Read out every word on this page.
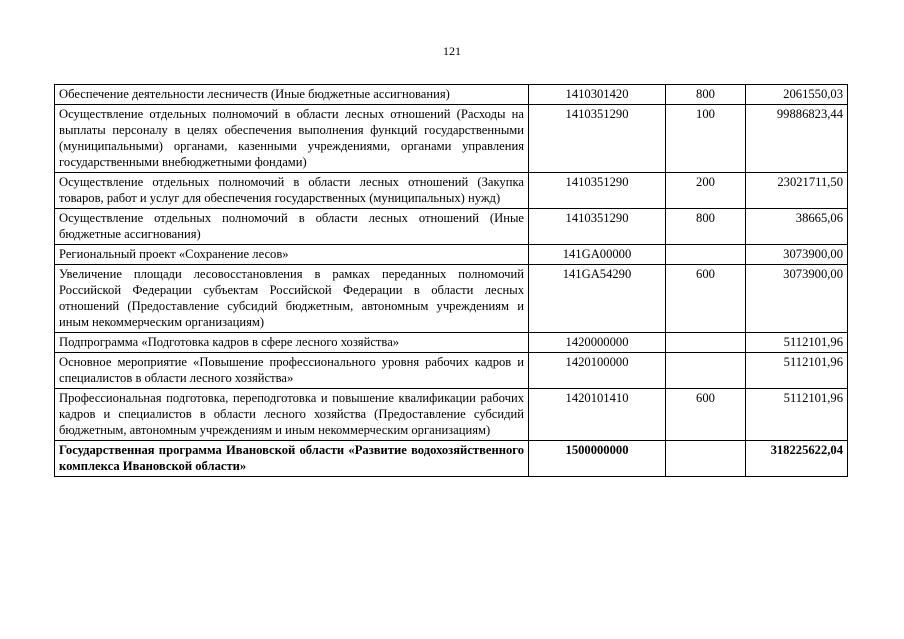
121
Обеспечение деятельности лесничеств (Иные бюджетные ассигнования)	1410301420	800	2061550,03
Осуществление отдельных полномочий в области лесных отношений (Расходы на выплаты персоналу в целях обеспечения выполнения функций государственными (муниципальными) органами, казенными учреждениями, органами управления государственными внебюджетными фондами)	1410351290	100	99886823,44
Осуществление отдельных полномочий в области лесных отношений (Закупка товаров, работ и услуг для обеспечения государственных (муниципальных) нужд)	1410351290	200	23021711,50
Осуществление отдельных полномочий в области лесных отношений (Иные бюджетные ассигнования)	1410351290	800	38665,06
Региональный проект «Сохранение лесов»	141GA00000		3073900,00
Увеличение площади лесовосстановления в рамках переданных полномочий Российской Федерации субъектам Российской Федерации в области лесных отношений (Предоставление субсидий бюджетным, автономным учреждениям и иным некоммерческим организациям)	141GA54290	600	3073900,00
Подпрограмма «Подготовка кадров в сфере лесного хозяйства»	1420000000		5112101,96
Основное мероприятие «Повышение профессионального уровня рабочих кадров и специалистов в области лесного хозяйства»	1420100000		5112101,96
Профессиональная подготовка, переподготовка и повышение квалификации рабочих кадров и специалистов в области лесного хозяйства (Предоставление субсидий бюджетным, автономным учреждениям и иным некоммерческим организациям)	1420101410	600	5112101,96
Государственная программа Ивановской области «Развитие водохозяйственного комплекса Ивановской области»	1500000000		318225622,04
